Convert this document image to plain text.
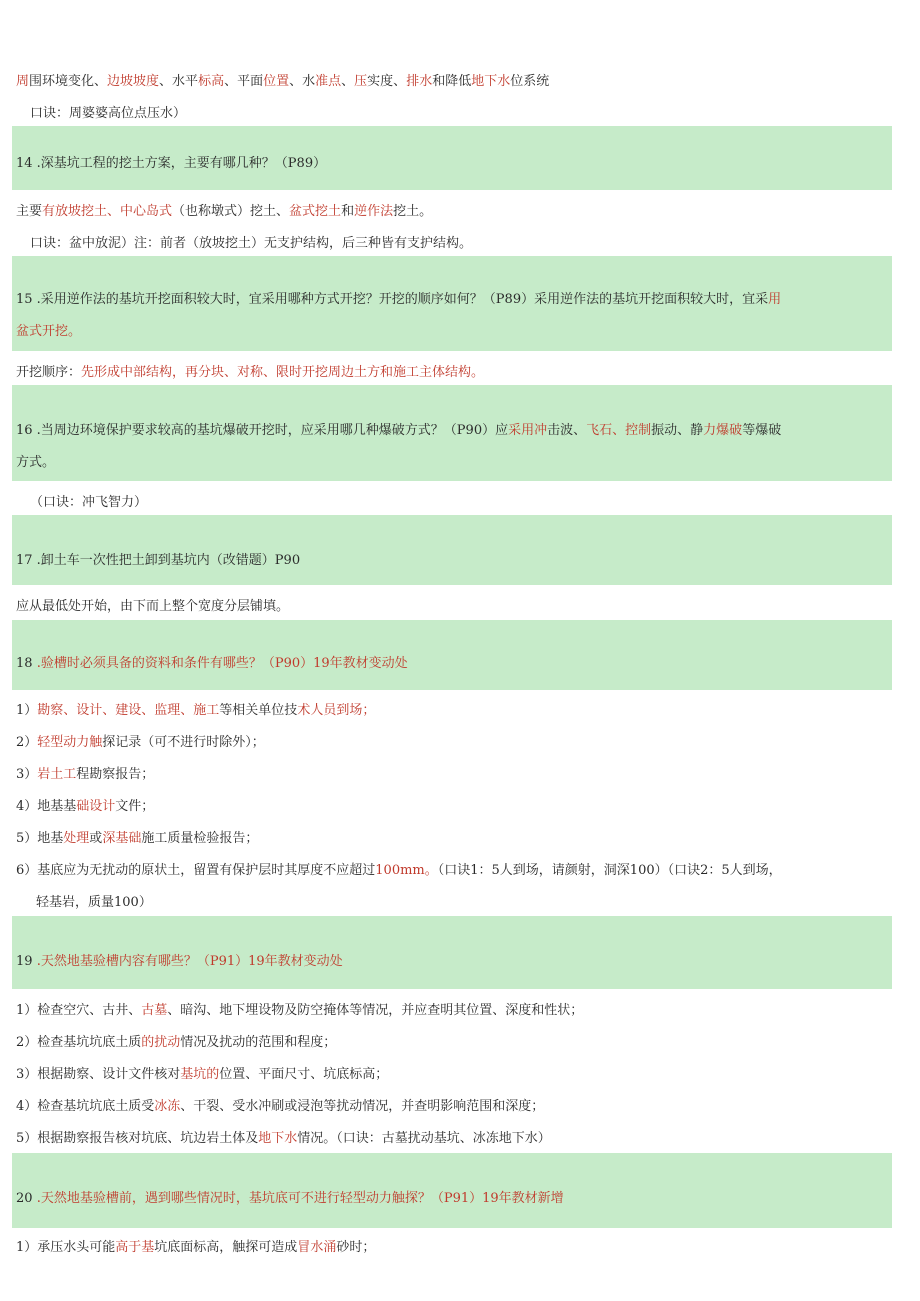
周围环境变化、边坡坡度、水平标高、平面位置、水准点、压实度、排水和降低地下水位系统
口诀：周婆婆高位点压水）
14 .深基坑工程的挖土方案，主要有哪几种？（P89）
主要有放坡挖土、中心岛式（也称墩式）挖土、盆式挖土和逆作法挖土。
口诀：盆中放泥）注：前者（放坡挖土）无支护结构，后三种皆有支护结构。
15 .采用逆作法的基坑开挖面积较大时，宜采用哪种方式开挖？开挖的顺序如何？（P89）采用逆作法的基坑开挖面积较大时，宜采用
盆式开挖。
开挖顺序：先形成中部结构，再分块、对称、限时开挖周边土方和施工主体结构。
16 .当周边环境保护要求较高的基坑爆破开挖时，应采用哪几种爆破方式？（P90）应采用冲击波、飞石、控制振动、静力爆破等爆破
方式。
（口诀：冲飞智力）
17 .卸土车一次性把土卸到基坑内（改错题）P90
应从最低处开始，由下而上整个宽度分层铺填。
18 .验槽时必须具备的资料和条件有哪些？（P90）19年教材变动处
1）勘察、设计、建设、监理、施工等相关单位技术人员到场；
2）轻型动力触探记录（可不进行时除外）；
3）岩土工程勘察报告；
4）地基基础设计文件；
5）地基处理或深基础施工质量检验报告；
6）基底应为无扰动的原状土，留置有保护层时其厚度不应超过100mm。（口诀1：5人到场，请颜射，洞深100）（口诀2：5人到场，
轻基岩，质量100）
19 .天然地基验槽内容有哪些？（P91）19年教材变动处
1）检查空穴、古井、古墓、暗沟、地下埋设物及防空掩体等情况，并应查明其位置、深度和性状；
2）检查基坑坑底土质的扰动情况及扰动的范围和程度；
3）根据勘察、设计文件核对基坑的位置、平面尺寸、坑底标高；
4）检查基坑坑底土质受冰冻、干裂、受水冲刷或浸泡等扰动情况，并查明影响范围和深度；
5）根据勘察报告核对坑底、坑边岩土体及地下水情况。（口诀：古墓扰动基坑、冰冻地下水）
20 .天然地基验槽前，遇到哪些情况时，基坑底可不进行轻型动力触探？（P91）19年教材新增
1）承压水头可能高于基坑底面标高，触探可造成冒水涌砂时；
